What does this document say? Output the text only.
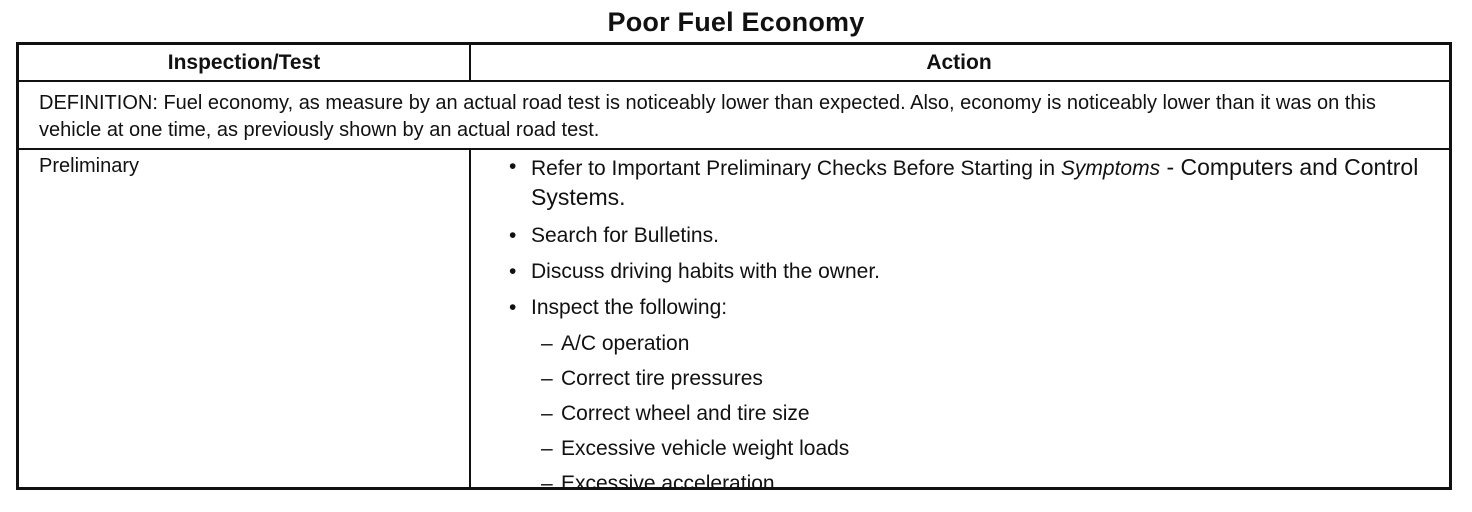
Poor Fuel Economy
Inspection/Test	Action
DEFINITION: Fuel economy, as measure by an actual road test is noticeably lower than expected. Also, economy is noticeably lower than it was on this vehicle at one time, as previously shown by an actual road test.
Preliminary	• Refer to Important Preliminary Checks Before Starting in Symptoms - Computers and Control Systems.
• Search for Bulletins.
• Discuss driving habits with the owner.
• Inspect the following:
– A/C operation
– Correct tire pressures
– Correct wheel and tire size
– Excessive vehicle weight loads
– Excessive acceleration
